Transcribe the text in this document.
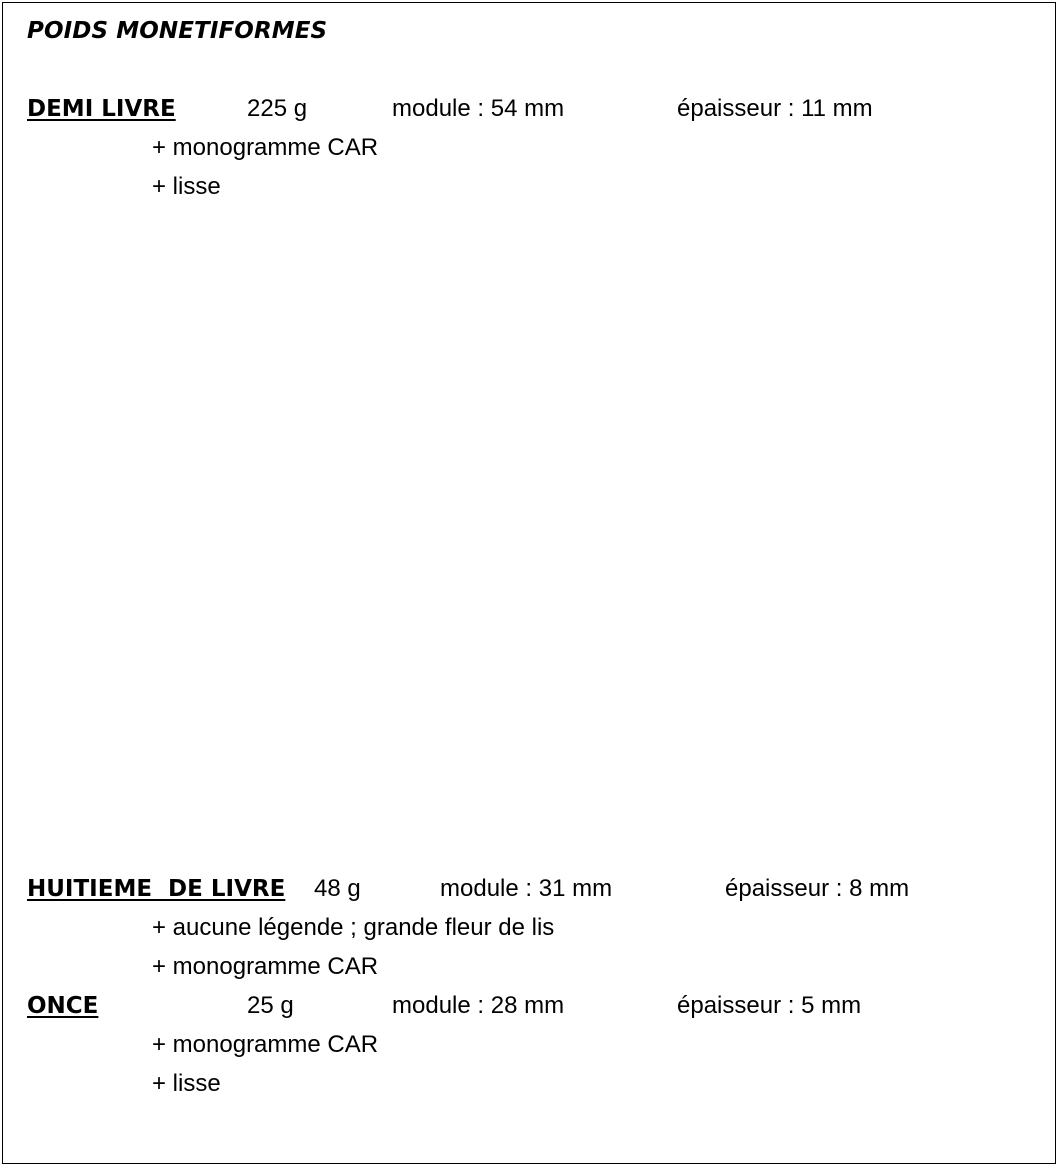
POIDS MONETIFORMES
DEMI LIVRE	225 g	module : 54 mm	épaisseur : 11 mm
+ monogramme CAR
+ lisse
HUITIEME  DE LIVRE 48 g	module : 31 mm	épaisseur : 8 mm
+ aucune légende ; grande fleur de lis
+ monogramme CAR
ONCE	25 g	module : 28 mm	épaisseur : 5 mm
+ monogramme CAR
+ lisse
